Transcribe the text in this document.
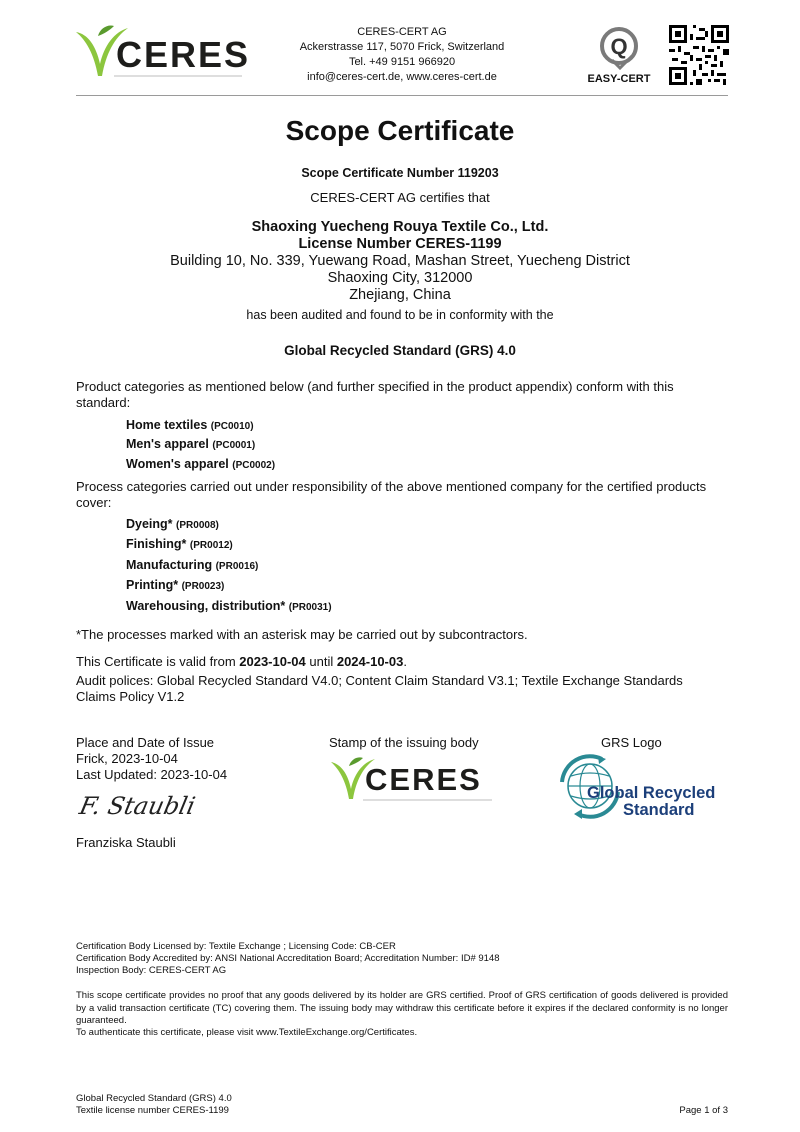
CERES
CERES-CERT AG
Ackerstrasse 117, 5070 Frick, Switzerland
Tel. +49 9151 966920
info@ceres-cert.de, www.ceres-cert.de
Q
EASY-CERT
Scope Certificate
Scope Certificate Number 119203
CERES-CERT AG certifies that
Shaoxing Yuecheng Rouya Textile Co., Ltd.
License Number CERES-1199
Building 10, No. 339, Yuewang Road, Mashan Street, Yuecheng District
Shaoxing City, 312000
Zhejiang, China
has been audited and found to be in conformity with the
Global Recycled Standard (GRS) 4.0
Product categories as mentioned below (and further specified in the product appendix) conform with this standard:
Home textiles (PC0010)
Men's apparel (PC0001)
Women's apparel (PC0002)
Process categories carried out under responsibility of the above mentioned company for the certified products cover:
Dyeing* (PR0008)
Finishing* (PR0012)
Manufacturing (PR0016)
Printing* (PR0023)
Warehousing, distribution* (PR0031)
*The processes marked with an asterisk may be carried out by subcontractors.
This Certificate is valid from 2023-10-04 until 2024-10-03.
Audit polices: Global Recycled Standard V4.0; Content Claim Standard V3.1; Textile Exchange Standards Claims Policy V1.2
Place and Date of Issue
Frick, 2023-10-04
Last Updated: 2023-10-04
F. Staubli
Franziska Staubli
Stamp of the issuing body
CERES
GRS Logo
Global Recycled
Standard
Certification Body Licensed by: Textile Exchange ; Licensing Code: CB-CER
Certification Body Accredited by: ANSI National Accreditation Board; Accreditation Number: ID# 9148
Inspection Body: CERES-CERT AG
This scope certificate provides no proof that any goods delivered by its holder are GRS certified. Proof of GRS certification of goods delivered is provided by a valid transaction certificate (TC) covering them. The issuing body may withdraw this certificate before it expires if the declared conformity is no longer guaranteed.
To authenticate this certificate, please visit www.TextileExchange.org/Certificates.
Global Recycled Standard (GRS) 4.0
Textile license number CERES-1199	Page 1 of 3
